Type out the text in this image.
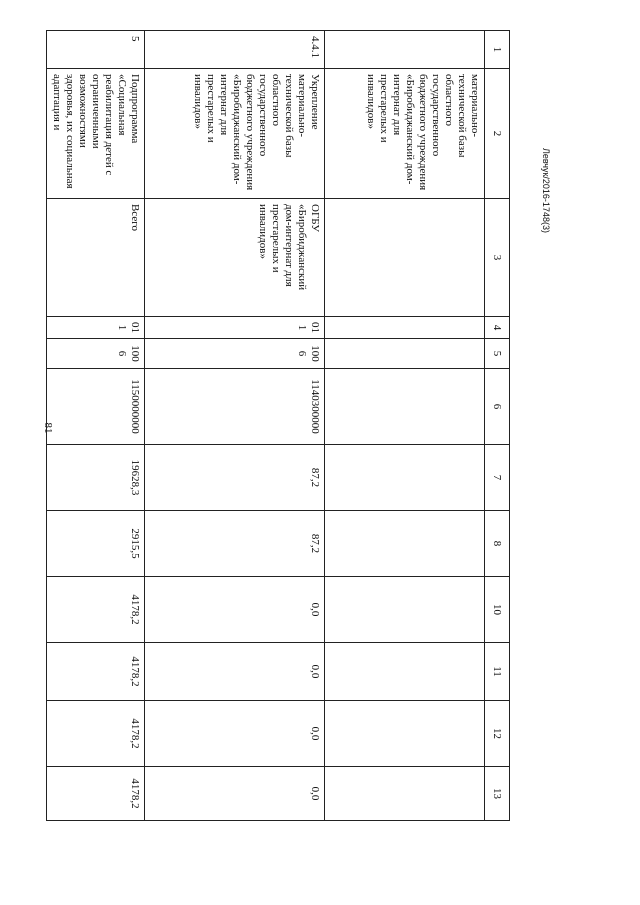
81
Левчук/2016-1748(3)
1	2	3	4	5	6	7	8	10	11	12	13
	материально-технической базы областного государственного бюджетного учреждения «Биробиджанский дом-интернат для престарелых и инвалидов»										
4.4.1	Укрепление материально-технической базы областного государственного бюджетного учреждения «Биробиджанский дом-интернат для престарелых и инвалидов»	ОГБУ «Биробиджанский дом-интернат для престарелых и инвалидов»	011	1006	1140300000	87,2	87,2	0,0	0,0	0,0	0,0
5	Подпрограмма «Социальная реабилитация детей с ограниченными возможностями здоровья, их социальная адаптация и	Всего	011	1006	1150000000	19628,3	2915,5	4178,2	4178,2	4178,2	4178,2
